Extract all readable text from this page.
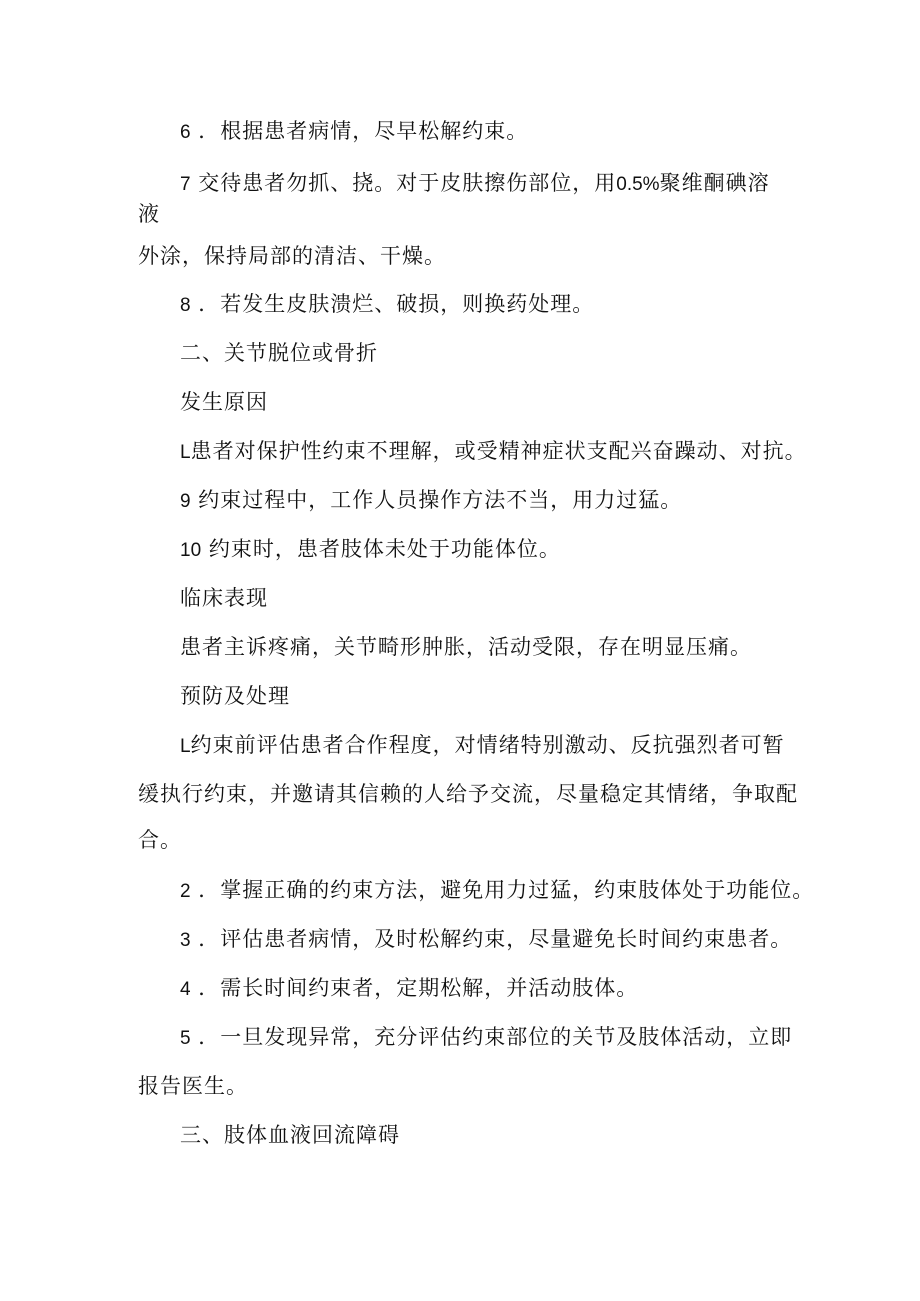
6 ．根据患者病情，尽早松解约束。
7 交待患者勿抓、挠。对于皮肤擦伤部位，用0.5%聚维酮碘溶
液
外涂，保持局部的清洁、干燥。
8 ．若发生皮肤溃烂、破损，则换药处理。
二、关节脱位或骨折
发生原因
L患者对保护性约束不理解，或受精神症状支配兴奋躁动、对抗。
9 约束过程中，工作人员操作方法不当，用力过猛。
10 约束时，患者肢体未处于功能体位。
临床表现
患者主诉疼痛，关节畸形肿胀，活动受限，存在明显压痛。
预防及处理
L约束前评估患者合作程度，对情绪特别激动、反抗强烈者可暂
缓执行约束，并邀请其信赖的人给予交流，尽量稳定其情绪，争取配
合。
2 ．掌握正确的约束方法，避免用力过猛，约束肢体处于功能位。
3 ．评估患者病情，及时松解约束，尽量避免长时间约束患者。
4 ．需长时间约束者，定期松解，并活动肢体。
5 ．一旦发现异常，充分评估约束部位的关节及肢体活动，立即
报告医生。
三、肢体血液回流障碍
